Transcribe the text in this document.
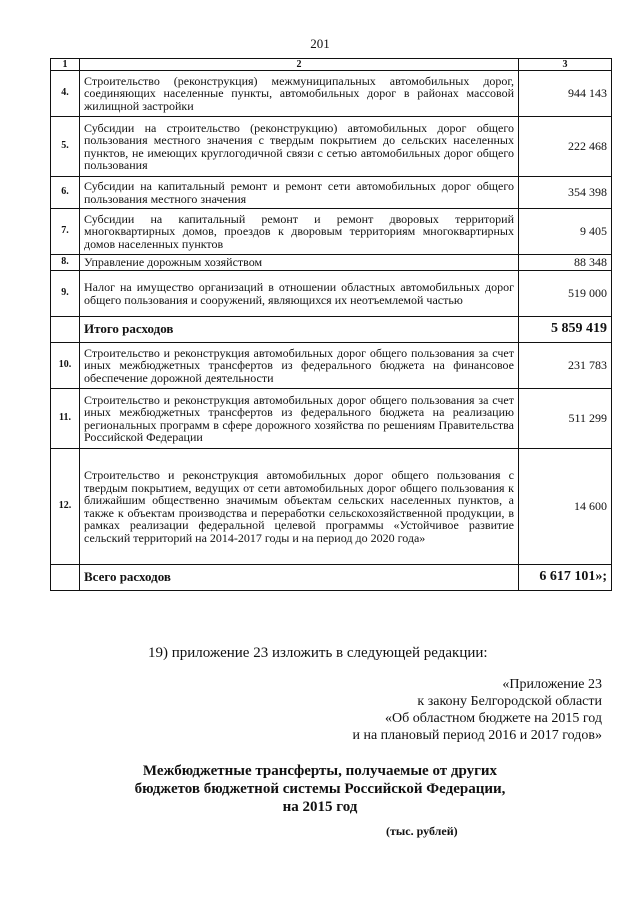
201
1	2	3
4.	Строительство (реконструкция) межмуниципальных автомобильных дорог, соединяющих населенные пункты, автомобильных дорог в районах массовой жилищной застройки	944 143
5.	Субсидии на строительство (реконструкцию) автомобильных дорог общего пользования местного значения с твердым покрытием до сельских населенных пунктов, не имеющих круглогодичной связи с сетью автомобильных дорог общего пользования	222 468
6.	Субсидии на капитальный ремонт и ремонт сети автомобильных дорог общего пользования местного значения	354 398
7.	Субсидии на капитальный ремонт и ремонт дворовых территорий многоквартирных домов, проездов к дворовым территориям многоквартирных домов населенных пунктов	9 405
8.	Управление дорожным хозяйством	88 348
9.	Налог на имущество организаций в отношении областных автомобильных дорог общего пользования и сооружений, являющихся их неотъемлемой частью	519 000
	Итого расходов	5 859 419
10.	Строительство и реконструкция автомобильных дорог общего пользования за счет иных межбюджетных трансфертов из федерального бюджета на финансовое обеспечение дорожной деятельности	231 783
11.	Строительство и реконструкция автомобильных дорог общего пользования за счет иных межбюджетных трансфертов из федерального бюджета на реализацию региональных программ в сфере дорожного хозяйства по решениям Правительства Российской Федерации	511 299
12.	Строительство и реконструкция автомобильных дорог общего пользования с твердым покрытием, ведущих от сети автомобильных дорог общего пользования к ближайшим общественно значимым объектам сельских населенных пунктов, а также к объектам производства и переработки сельскохозяйственной продукции, в рамках реализации федеральной целевой программы «Устойчивое развитие сельский территорий на 2014-2017 годы и на период до 2020 года»	14 600
	Всего расходов	6 617 101»;
19) приложение 23 изложить в следующей редакции:
«Приложение 23
к закону Белгородской области
«Об областном бюджете на 2015 год
и на плановый период 2016 и 2017 годов»
Межбюджетные трансферты, получаемые от других
бюджетов бюджетной системы Российской Федерации,
на 2015 год
(тыс. рублей)
